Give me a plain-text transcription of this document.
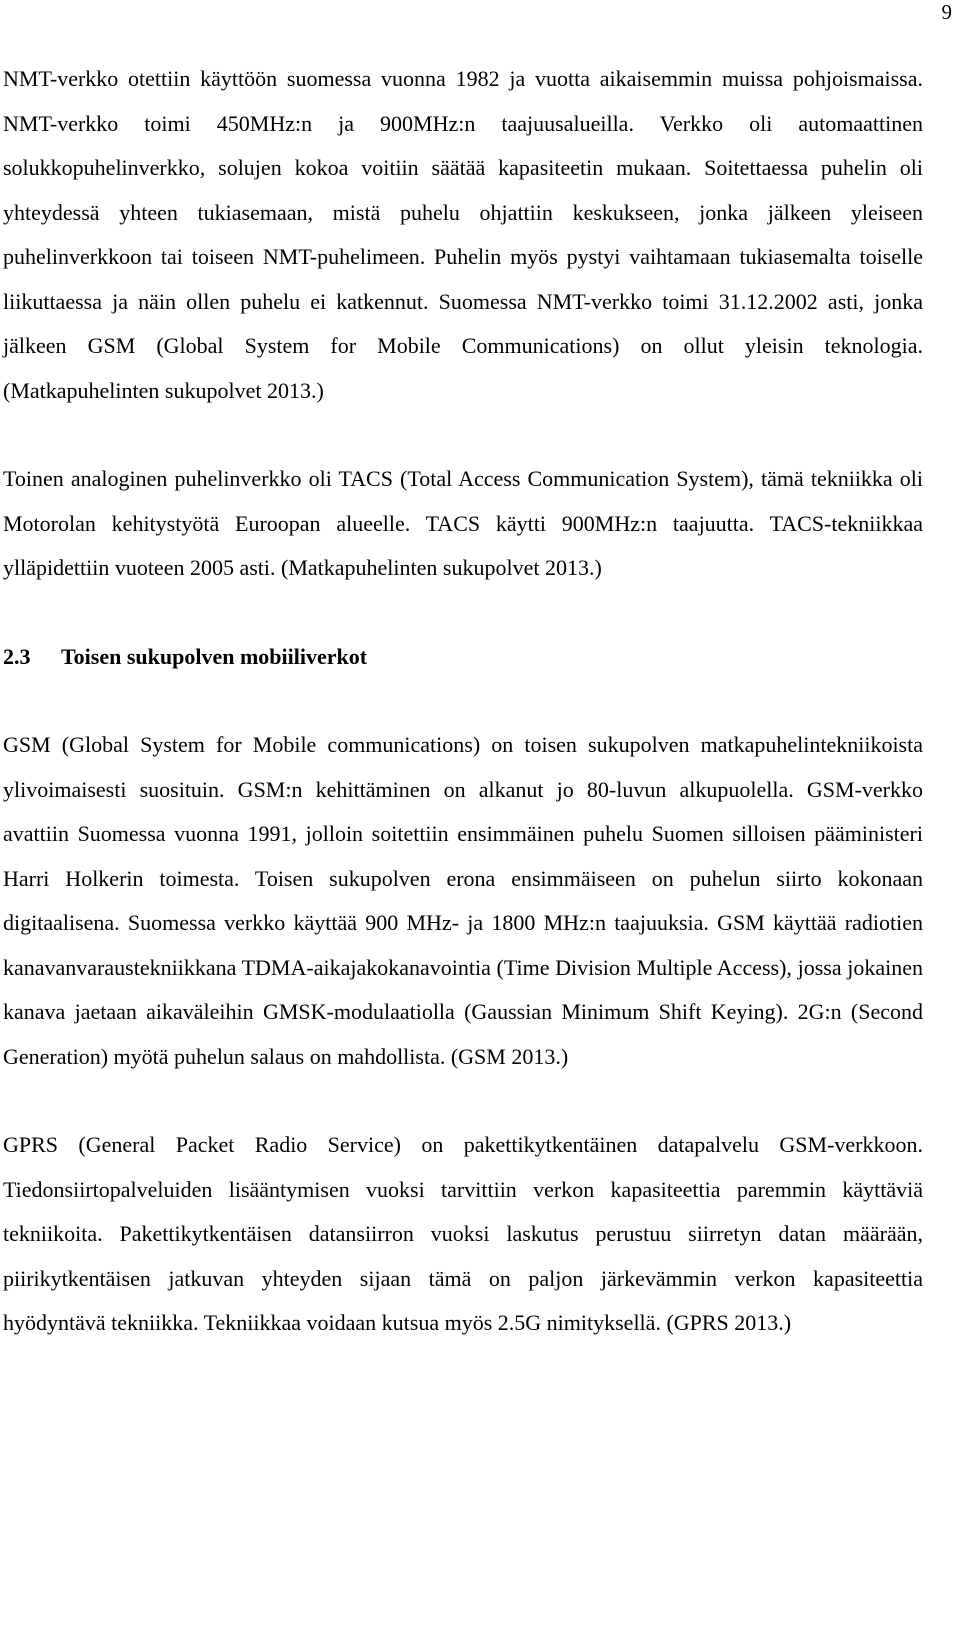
9

NMT-verkko otettiin käyttöön suomessa vuonna 1982 ja vuotta aikaisemmin muissa pohjoismaissa. NMT-verkko toimi 450MHz:n ja 900MHz:n taajuusalueilla. Verkko oli automaattinen solukkopuhelinverkko, solujen kokoa voitiin säätää kapasiteetin mukaan. Soitettaessa puhelin oli yhteydessä yhteen tukiasemaan, mistä puhelu ohjattiin keskukseen, jonka jälkeen yleiseen puhelinverkkoon tai toiseen NMT-puhelimeen. Puhelin myös pystyi vaihtamaan tukiasemalta toiselle liikuttaessa ja näin ollen puhelu ei katkennut. Suomessa NMT-verkko toimi 31.12.2002 asti, jonka jälkeen GSM (Global System for Mobile Communications) on ollut yleisin teknologia. (Matkapuhelinten sukupolvet 2013.)

Toinen analoginen puhelinverkko oli TACS (Total Access Communication System), tämä tekniikka oli Motorolan kehitystyötä Euroopan alueelle. TACS käytti 900MHz:n taajuutta. TACS-tekniikkaa ylläpidettiin vuoteen 2005 asti. (Matkapuhelinten sukupolvet 2013.)

2.3 Toisen sukupolven mobiiliverkot

GSM (Global System for Mobile communications) on toisen sukupolven matkapuhelintekniikoista ylivoimaisesti suosituin. GSM:n kehittäminen on alkanut jo 80-luvun alkupuolella. GSM-verkko avattiin Suomessa vuonna 1991, jolloin soitettiin ensimmäinen puhelu Suomen silloisen pääministeri Harri Holkerin toimesta. Toisen sukupolven erona ensimmäiseen on puhelun siirto kokonaan digitaalisena. Suomessa verkko käyttää 900 MHz- ja 1800 MHz:n taajuuksia. GSM käyttää radiotien kanavanvaraustekniikkana TDMA-aikajakokanavointia (Time Division Multiple Access), jossa jokainen kanava jaetaan aikaväleihin GMSK-modulaatiolla (Gaussian Minimum Shift Keying). 2G:n (Second Generation) myötä puhelun salaus on mahdollista. (GSM 2013.)

GPRS (General Packet Radio Service) on pakettikytkentäinen datapalvelu GSM-verkkoon. Tiedonsiirtopalveluiden lisääntymisen vuoksi tarvittiin verkon kapasiteettia paremmin käyttäviä tekniikoita. Pakettikytkentäisen datansiirron vuoksi laskutus perustuu siirretyn datan määrään, piirikytkentäisen jatkuvan yhteyden sijaan tämä on paljon järkevämmin verkon kapasiteettia hyödyntävä tekniikka. Tekniikkaa voidaan kutsua myös 2.5G nimityksellä. (GPRS 2013.)
